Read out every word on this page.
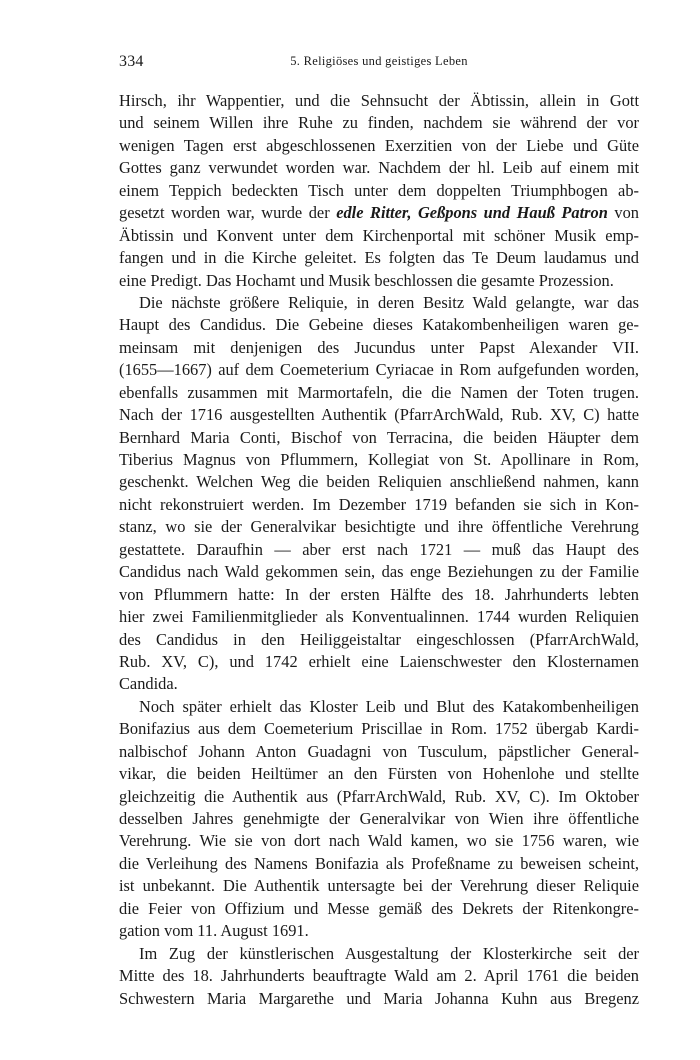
334	5. Religiöses und geistiges Leben
Hirsch, ihr Wappentier, und die Sehnsucht der Äbtissin, allein in Gott
und seinem Willen ihre Ruhe zu finden, nachdem sie während der vor
wenigen Tagen erst abgeschlossenen Exerzitien von der Liebe und Güte
Gottes ganz verwundet worden war. Nachdem der hl. Leib auf einem mit
einem Teppich bedeckten Tisch unter dem doppelten Triumphbogen ab-
gesetzt worden war, wurde der edle Ritter, Geßpons und Hauß Patron von
Äbtissin und Konvent unter dem Kirchenportal mit schöner Musik emp-
fangen und in die Kirche geleitet. Es folgten das Te Deum laudamus und
eine Predigt. Das Hochamt und Musik beschlossen die gesamte Prozession.
Die nächste größere Reliquie, in deren Besitz Wald gelangte, war das
Haupt des Candidus. Die Gebeine dieses Katakombenheiligen waren ge-
meinsam mit denjenigen des Jucundus unter Papst Alexander VII.
(1655—1667) auf dem Coemeterium Cyriacae in Rom aufgefunden worden,
ebenfalls zusammen mit Marmortafeln, die die Namen der Toten trugen.
Nach der 1716 ausgestellten Authentik (PfarrArchWald, Rub. XV, C) hatte
Bernhard Maria Conti, Bischof von Terracina, die beiden Häupter dem
Tiberius Magnus von Pflummern, Kollegiat von St. Apollinare in Rom,
geschenkt. Welchen Weg die beiden Reliquien anschließend nahmen, kann
nicht rekonstruiert werden. Im Dezember 1719 befanden sie sich in Kon-
stanz, wo sie der Generalvikar besichtigte und ihre öffentliche Verehrung
gestattete. Daraufhin — aber erst nach 1721 — muß das Haupt des
Candidus nach Wald gekommen sein, das enge Beziehungen zu der Familie
von Pflummern hatte: In der ersten Hälfte des 18. Jahrhunderts lebten
hier zwei Familienmitglieder als Konventualinnen. 1744 wurden Reliquien
des Candidus in den Heiliggeistaltar eingeschlossen (PfarrArchWald,
Rub. XV, C), und 1742 erhielt eine Laienschwester den Klosternamen
Candida.
Noch später erhielt das Kloster Leib und Blut des Katakombenheiligen
Bonifazius aus dem Coemeterium Priscillae in Rom. 1752 übergab Kardi-
nalbischof Johann Anton Guadagni von Tusculum, päpstlicher General-
vikar, die beiden Heiltümer an den Fürsten von Hohenlohe und stellte
gleichzeitig die Authentik aus (PfarrArchWald, Rub. XV, C). Im Oktober
desselben Jahres genehmigte der Generalvikar von Wien ihre öffentliche
Verehrung. Wie sie von dort nach Wald kamen, wo sie 1756 waren, wie
die Verleihung des Namens Bonifazia als Profeßname zu beweisen scheint,
ist unbekannt. Die Authentik untersagte bei der Verehrung dieser Reliquie
die Feier von Offizium und Messe gemäß des Dekrets der Ritenkongre-
gation vom 11. August 1691.
Im Zug der künstlerischen Ausgestaltung der Klosterkirche seit der
Mitte des 18. Jahrhunderts beauftragte Wald am 2. April 1761 die beiden
Schwestern Maria Margarethe und Maria Johanna Kuhn aus Bregenz
